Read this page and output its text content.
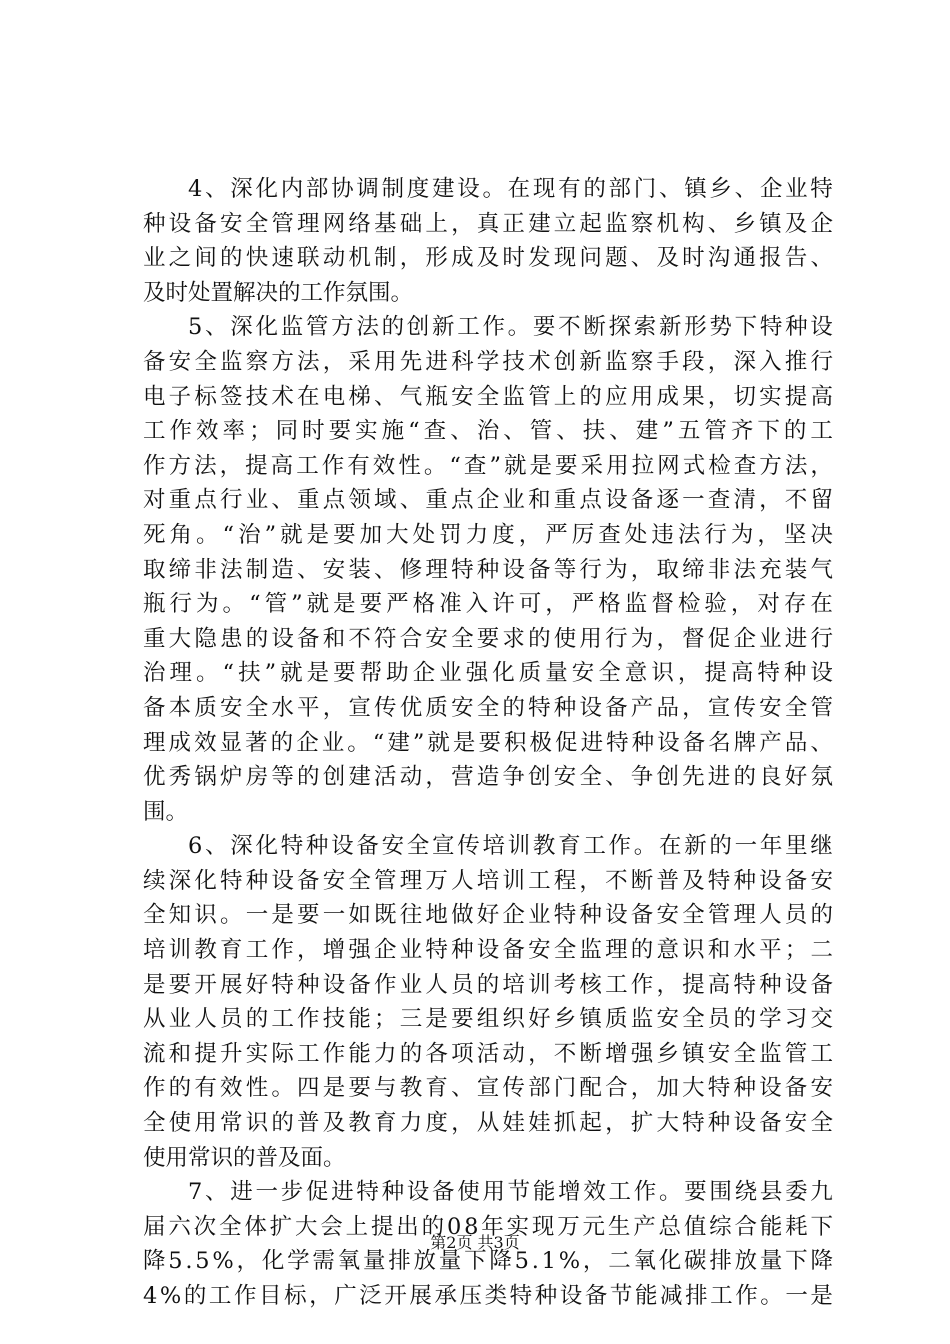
4 、 深 化 内 部 协 调 制 度 建 设 。 在 现 有 的 部 门 、 镇 乡 、 企 业 特
种 设 备 安 全 管 理 网 络 基 础 上 ， 真 正 建 立 起 监 察 机 构 、 乡 镇 及 企
业 之 间 的 快 速 联 动 机 制 ， 形 成 及 时 发 现 问 题 、 及 时 沟 通 报 告 、
及时处置解决的工作氛围。
5 、 深 化 监 管 方 法 的 创 新 工 作 。 要 不 断 探 索 新 形 势 下 特 种 设
备 安 全 监 察 方 法 ， 采 用 先 进 科 学 技 术 创 新 监 察 手 段 ， 深 入 推 行
电 子 标 签 技 术 在 电 梯 、 气 瓶 安 全 监 管 上 的 应 用 成 果 ， 切 实 提 高
工 作 效 率 ； 同 时 要 实 施 “ 查 、 治 、 管 、 扶 、 建 ” 五 管 齐 下 的 工
作 方 法 ， 提 高 工 作 有 效 性 。 “ 查 ” 就 是 要 采 用 拉 网 式 检 查 方 法 ，
对 重 点 行 业 、 重 点 领 域 、 重 点 企 业 和 重 点 设 备 逐 一 查 清 ， 不 留
死 角 。 “ 治 ” 就 是 要 加 大 处 罚 力 度 ， 严 厉 查 处 违 法 行 为 ， 坚 决
取 缔 非 法 制 造 、 安 装 、 修 理 特 种 设 备 等 行 为 ， 取 缔 非 法 充 装 气
瓶 行 为 。 “ 管 ” 就 是 要 严 格 准 入 许 可 ， 严 格 监 督 检 验 ， 对 存 在
重 大 隐 患 的 设 备 和 不 符 合 安 全 要 求 的 使 用 行 为 ， 督 促 企 业 进 行
治 理 。 “ 扶 ” 就 是 要 帮 助 企 业 强 化 质 量 安 全 意 识 ， 提 高 特 种 设
备 本 质 安 全 水 平 ， 宣 传 优 质 安 全 的 特 种 设 备 产 品 ， 宣 传 安 全 管
理 成 效 显 著 的 企 业 。 “ 建 ” 就 是 要 积 极 促 进 特 种 设 备 名 牌 产 品 、
优 秀 锅 炉 房 等 的 创 建 活 动 ， 营 造 争 创 安 全 、 争 创 先 进 的 良 好 氛
围。
6 、 深 化 特 种 设 备 安 全 宣 传 培 训 教 育 工 作 。 在 新 的 一 年 里 继
续 深 化 特 种 设 备 安 全 管 理 万 人 培 训 工 程 ， 不 断 普 及 特 种 设 备 安
全 知 识 。 一 是 要 一 如 既 往 地 做 好 企 业 特 种 设 备 安 全 管 理 人 员 的
培 训 教 育 工 作 ， 增 强 企 业 特 种 设 备 安 全 监 理 的 意 识 和 水 平 ； 二
是 要 开 展 好 特 种 设 备 作 业 人 员 的 培 训 考 核 工 作 ， 提 高 特 种 设 备
从 业 人 员 的 工 作 技 能 ； 三 是 要 组 织 好 乡 镇 质 监 安 全 员 的 学 习 交
流 和 提 升 实 际 工 作 能 力 的 各 项 活 动 ， 不 断 增 强 乡 镇 安 全 监 管 工
作 的 有 效 性 。 四 是 要 与 教 育 、 宣 传 部 门 配 合 ， 加 大 特 种 设 备 安
全 使 用 常 识 的 普 及 教 育 力 度 ， 从 娃 娃 抓 起 ， 扩 大 特 种 设 备 安 全
使用常识的普及面。
7 、 进 一 步 促 进 特 种 设 备 使 用 节 能 增 效 工 作 。 要 围 绕 县 委 九
届 六 次 全 体 扩 大 会 上 提 出 的 0 8 年 实 现 万 元 生 产 总 值 综 合 能 耗 下
降 5 . 5 % ， 化 学 需 氧 量 排 放 量 下 降 5 . 1 % ， 二 氧 化 碳 排 放 量 下 降
4 % 的 工 作 目 标 ， 广 泛 开 展 承 压 类 特 种 设 备 节 能 减 排 工 作 。 一 是
第2页 共3页
